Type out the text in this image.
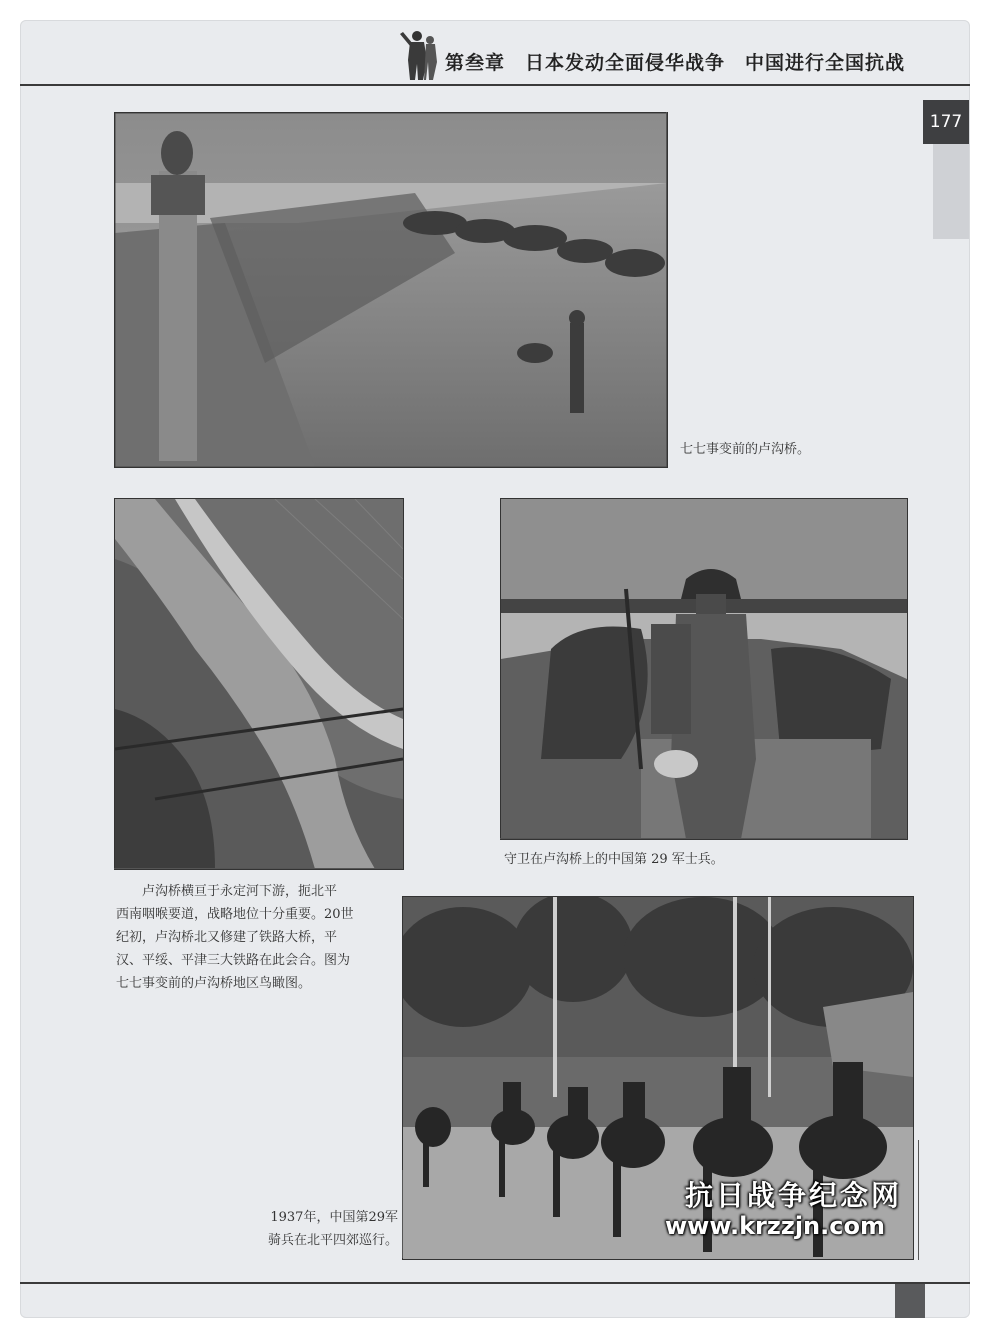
第叁章　日本发动全面侵华战争　中国进行全国抗战
177
七七事变前的卢沟桥。
卢沟桥横亘于永定河下游，扼北平
西南咽喉要道，战略地位十分重要。20世
纪初，卢沟桥北又修建了铁路大桥，平
汉、平绥、平津三大铁路在此会合。图为
七七事变前的卢沟桥地区鸟瞰图。
守卫在卢沟桥上的中国第 29 军士兵。
1937年，中国第29军
骑兵在北平四郊巡行。
抗日战争纪念网
www.krzzjn.com
